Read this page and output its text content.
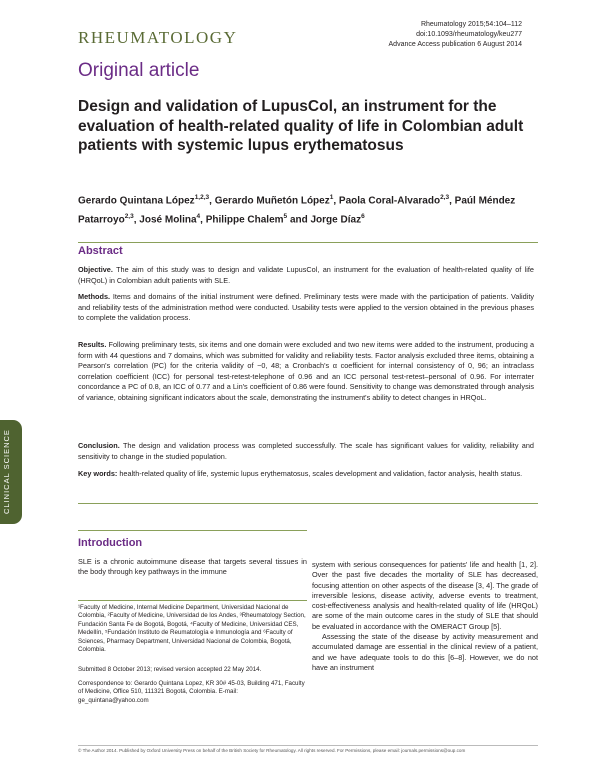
RHEUMATOLOGY
Rheumatology 2015;54:104–112
doi:10.1093/rheumatology/keu277
Advance Access publication 6 August 2014
Original article
Design and validation of LupusCol, an instrument for the evaluation of health-related quality of life in Colombian adult patients with systemic lupus erythematosus
Gerardo Quintana López$^{1,2,3}$, Gerardo Muñetón López$^1$, Paola Coral-Alvarado$^{2,3}$, Paúl Méndez Patarroyo$^{2,3}$, José Molina$^4$, Philippe Chalem$^5$ and Jorge Díaz$^6$
Abstract
Objective. The aim of this study was to design and validate LupusCol, an instrument for the evaluation of health-related quality of life (HRQoL) in Colombian adult patients with SLE.
Methods. Items and domains of the initial instrument were defined. Preliminary tests were made with the participation of patients. Validity and reliability tests of the administration method were conducted. Usability tests were applied to the version obtained in the previous phases to complete the validation process.
Results. Following preliminary tests, six items and one domain were excluded and two new items were added to the instrument, producing a form with 44 questions and 7 domains, which was submitted for validity and reliability tests. Factor analysis excluded three items, obtaining a Pearson's correlation (PC) for the criteria validity of −0, 48; a Cronbach's α coefficient for internal consistency of 0, 96; an intraclass correlation coefficient (ICC) for personal test-retest-telephone of 0.96 and an ICC personal test-retest–personal of 0.96. For interrater concordance a PC of 0.8, an ICC of 0.77 and a Lin's coefficient of 0.86 were found. Sensitivity to change was demonstrated through analysis of variance, obtaining significant indicators about the scale, demonstrating the instrument's ability to detect changes in HRQoL.
Conclusion. The design and validation process was completed successfully. The scale has significant values for validity, reliability and sensitivity to change in the studied population.
Key words: health-related quality of life, systemic lupus erythematosus, scales development and validation, factor analysis, health status.
CLINICAL SCIENCE
Introduction
SLE is a chronic autoimmune disease that targets several tissues in the body through key pathways in the immune
system with serious consequences for patients' life and health [1, 2]. Over the past five decades the mortality of SLE has decreased, focusing attention on other aspects of the disease [3, 4]. The grade of irreversible lesions, disease activity, adverse events to treatment, cost-effectiveness analysis and health-related quality of life (HRQoL) are some of the main outcome cares in the study of SLE that should be evaluated in accordance with the OMERACT Group [5].
Assessing the state of the disease by activity measurement and accumulated damage are essential in the clinical review of a patient, and we have adequate tools to do this [6–8]. However, we do not have an instrument
¹Faculty of Medicine, Internal Medicine Department, Universidad Nacional de Colombia, ²Faculty of Medicine, Universidad de los Andes, ³Rheumatology Section, Fundación Santa Fe de Bogotá, Bogotá, ⁴Faculty of Medicine, Universidad CES, Medellín, ⁵Fundación Instituto de Reumatología e Inmunología and ⁶Faculty of Sciences, Pharmacy Department, Universidad Nacional de Colombia, Bogotá, Colombia.
Submitted 8 October 2013; revised version accepted 22 May 2014.
Correspondence to: Gerardo Quintana Lopez, KR 30# 45-03, Building 471, Faculty of Medicine, Office 510, 111321 Bogotá, Colombia. E-mail: ge_quintana@yahoo.com
© The Author 2014. Published by Oxford University Press on behalf of the British Society for Rheumatology. All rights reserved. For Permissions, please email: journals.permissions@oup.com
